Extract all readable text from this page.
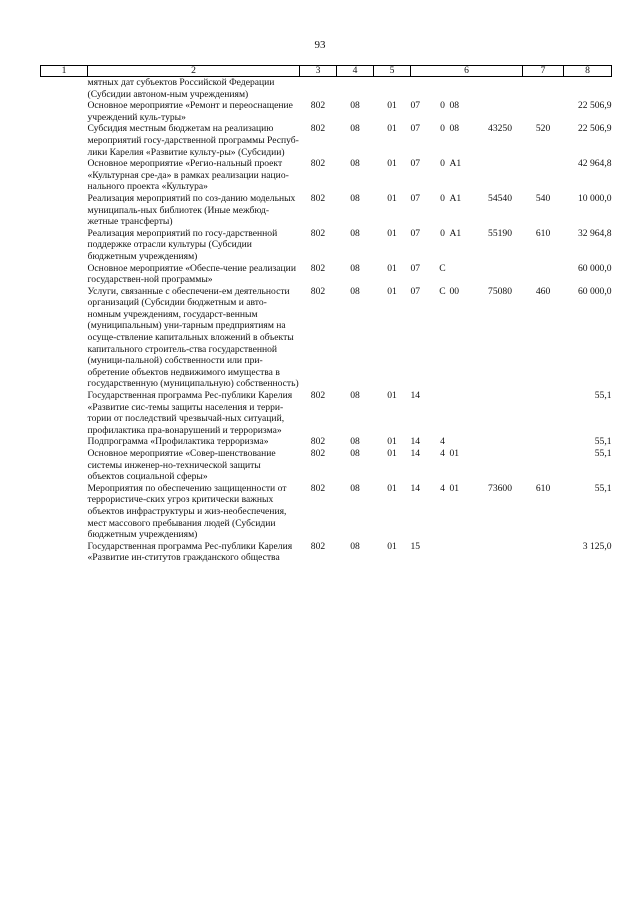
93
1	2	3	4	5	6				7	8
	мятных дат субъектов Российской Федерации (Субсидии автоном-ным учреждениям)									
	Основное мероприятие «Ремонт и переоснащение учреждений куль-туры»	802	08	01	07	0	08			22 506,9
	Субсидия местным бюджетам на реализацию мероприятий госу-дарственной программы Респуб-лики Карелия «Развитие культу-ры» (Субсидии)	802	08	01	07	0	08	43250	520	22 506,9
	Основное мероприятие «Регио-нальный проект «Культурная сре-да» в рамках реализации нацио-нального проекта «Культура»	802	08	01	07	0	A1			42 964,8
	Реализация мероприятий по соз-данию модельных муниципаль-ных библиотек (Иные межбюд-жетные трансферты)	802	08	01	07	0	A1	54540	540	10 000,0
	Реализация мероприятий по госу-дарственной поддержке отрасли культуры (Субсидии бюджетным учреждениям)	802	08	01	07	0	A1	55190	610	32 964,8
	Основное мероприятие «Обеспе-чение реализации государствен-ной программы»	802	08	01	07	C				60 000,0
	Услуги, связанные с обеспечени-ем деятельности организаций (Субсидии бюджетным и авто-номным учреждениям, государст-венным (муниципальным) уни-тарным предприятиям на осуще-ствление капитальных вложений в объекты капитального строитель-ства государственной (муници-пальной) собственности или при-обретение объектов недвижимого имущества в государственную (муниципальную) собственность)	802	08	01	07	C	00	75080	460	60 000,0
	Государственная программа Рес-публики Карелия «Развитие сис-темы защиты населения и терри-тории от последствий чрезвычай-ных ситуаций, профилактика пра-вонарушений и терроризма»	802	08	01	14					55,1
	Подпрограмма «Профилактика терроризма»	802	08	01	14	4				55,1
	Основное мероприятие «Совер-шенствование системы инженер-но-технической защиты объектов социальной сферы»	802	08	01	14	4	01			55,1
	Мероприятия по обеспечению защищенности от террористиче-ских угроз критически важных объектов инфраструктуры и жиз-необеспечения, мест массового пребывания людей (Субсидии бюджетным учреждениям)	802	08	01	14	4	01	73600	610	55,1
	Государственная программа Рес-публики Карелия «Развитие ин-ститутов гражданского общества	802	08	01	15					3 125,0
